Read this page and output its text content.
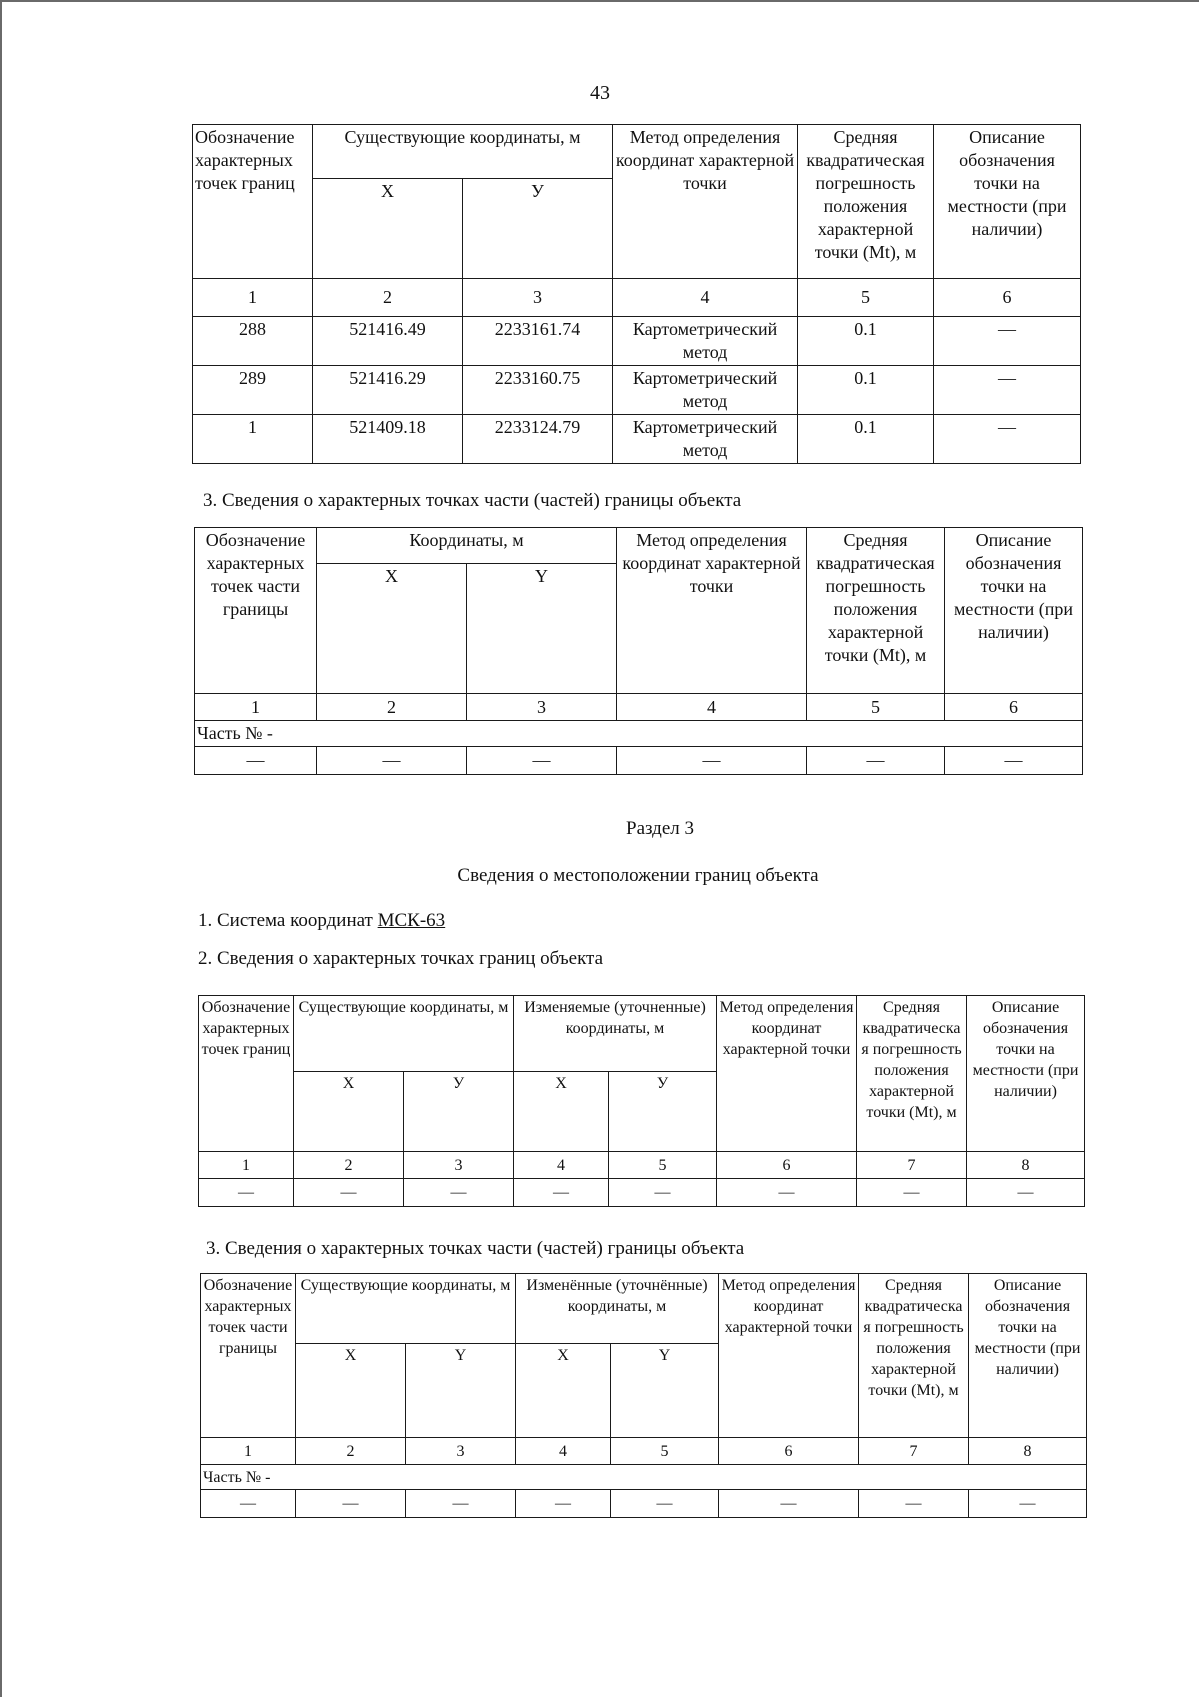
43
Обозначение характерных точек границ	Существующие координаты, м		Метод определения координат характерной точки	Средняя квадратическая погрешность положения характерной точки (Mt), м	Описание обозначения точки на местности (при наличии)
	X	У			
1	2	3	4	5	6
288	521416.49	2233161.74	Картометрический метод	0.1	—
289	521416.29	2233160.75	Картометрический метод	0.1	—
1	521409.18	2233124.79	Картометрический метод	0.1	—
3. Сведения о характерных точках части (частей) границы объекта
Обозначение характерных точек части границы	Координаты, м		Метод определения координат характерной точки	Средняя квадратическая погрешность положения характерной точки (Mt), м	Описание обозначения точки на местности (при наличии)
	X	Y			
1	2	3	4	5	6
Часть № -					
—	—	—	—	—	—
Раздел 3
Сведения о местоположении границ объекта
1. Система координат МСК-63
2. Сведения о характерных точках границ объекта
Обозначение характерных точек границ	Существующие координаты, м		Изменяемые (уточненные) координаты, м		Метод определения координат характерной точки	Средняя квадратическая погрешность положения характерной точки (Mt), м	Описание обозначения точки на местности (при наличии)
	X	У	X	У			
1	2	3	4	5	6	7	8
—	—	—	—	—	—	—	—
3. Сведения о характерных точках части (частей) границы объекта
Обозначение характерных точек части границы	Существующие координаты, м		Изменённые (уточнённые) координаты, м		Метод определения координат характерной точки	Средняя квадратическая погрешность положения характерной точки (Mt), м	Описание обозначения точки на местности (при наличии)
	X	Y	X	Y			
1	2	3	4	5	6	7	8
Часть № -							
—	—	—	—	—	—	—	—
